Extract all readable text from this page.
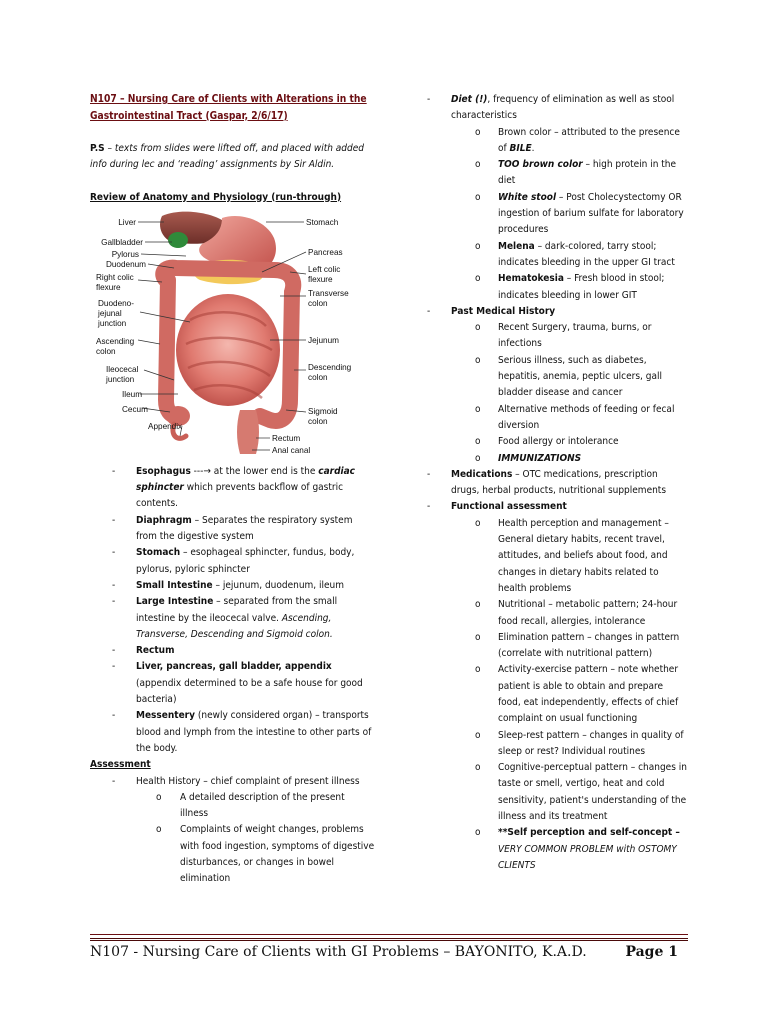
N107 – Nursing Care of Clients with Alterations in the Gastrointestinal Tract (Gaspar, 2/6/17)
P.S – texts from slides were lifted off, and placed with added info during lec and ‘reading’ assignments by Sir Aldin.
Review of Anatomy and Physiology (run-through)
Liver
Gallbladder
Pylorus
Duodenum
Right colic
flexure
Duodeno-
jejunal
junction
Ascending
colon
Ileocecal
junction
Ileum
Cecum
Appendix
Stomach
Pancreas
Left colic
flexure
Transverse
colon
Jejunum
Descending
colon
Sigmoid
colon
Rectum
Anal canal
- Esophagus ---→ at the lower end is the cardiac sphincter which prevents backflow of gastric contents.
- Diaphragm – Separates the respiratory system from the digestive system
- Stomach – esophageal sphincter, fundus, body, pylorus, pyloric sphincter
- Small Intestine – jejunum, duodenum, ileum
- Large Intestine – separated from the small intestine by the ileocecal valve. Ascending, Transverse, Descending and Sigmoid colon.
- Rectum
- Liver, pancreas, gall bladder, appendix (appendix determined to be a safe house for good bacteria)
- Messentery (newly considered organ) – transports blood and lymph from the intestine to other parts of the body.
Assessment
- Health History – chief complaint of present illness
o A detailed description of the present illness
o Complaints of weight changes, problems with food ingestion, symptoms of digestive disturbances, or changes in bowel elimination
- Diet (!), frequency of elimination as well as stool characteristics
o Brown color – attributed to the presence of BILE.
o TOO brown color – high protein in the diet
o White stool – Post Cholecystectomy OR ingestion of barium sulfate for laboratory procedures
o Melena – dark-colored, tarry stool; indicates bleeding in the upper GI tract
o Hematokesia – Fresh blood in stool; indicates bleeding in lower GIT
- Past Medical History
o Recent Surgery, trauma, burns, or infections
o Serious illness, such as diabetes, hepatitis, anemia, peptic ulcers, gall bladder disease and cancer
o Alternative methods of feeding or fecal diversion
o Food allergy or intolerance
o IMMUNIZATIONS
- Medications – OTC medications, prescription drugs, herbal products, nutritional supplements
- Functional assessment
o Health perception and management – General dietary habits, recent travel, attitudes, and beliefs about food, and changes in dietary habits related to health problems
o Nutritional – metabolic pattern; 24-hour food recall, allergies, intolerance
o Elimination pattern – changes in pattern (correlate with nutritional pattern)
o Activity-exercise pattern – note whether patient is able to obtain and prepare food, eat independently, effects of chief complaint on usual functioning
o Sleep-rest pattern – changes in quality of sleep or rest? Individual routines
o Cognitive-perceptual pattern – changes in taste or smell, vertigo, heat and cold sensitivity, patient's understanding of the illness and its treatment
o **Self perception and self-concept –
VERY COMMON PROBLEM with OSTOMY CLIENTS
N107 - Nursing Care of Clients with GI Problems – BAYONITO, K.A.D.	Page 1
